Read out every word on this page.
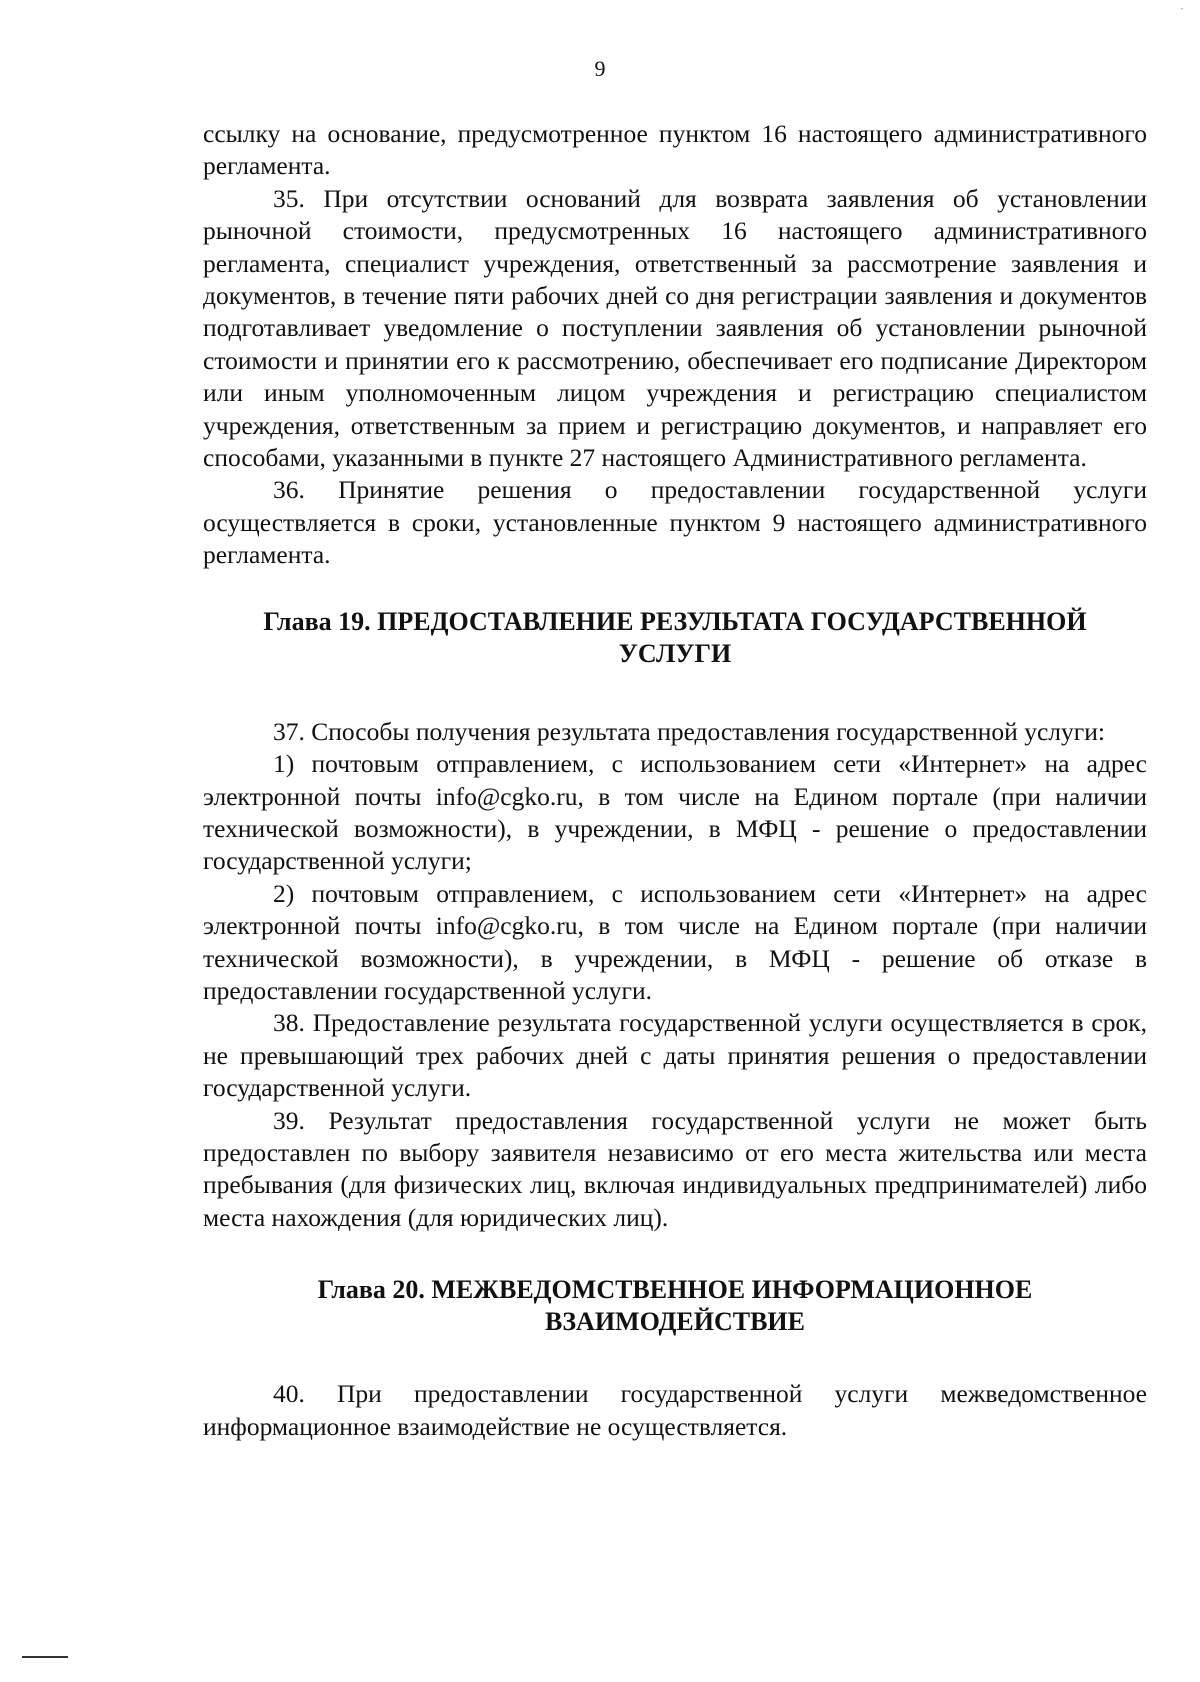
·
9

ссылку на основание, предусмотренное пунктом 16 настоящего административного регламента.

35. При отсутствии оснований для возврата заявления об установлении рыночной стоимости, предусмотренных 16 настоящего административного регламента, специалист учреждения, ответственный за рассмотрение заявления и документов, в течение пяти рабочих дней со дня регистрации заявления и документов подготавливает уведомление о поступлении заявления об установлении рыночной стоимости и принятии его к рассмотрению, обеспечивает его подписание Директором или иным уполномоченным лицом учреждения и регистрацию специалистом учреждения, ответственным за прием и регистрацию документов, и направляет его способами, указанными в пункте 27 настоящего Административного регламента.

36. Принятие решения о предоставлении государственной услуги осуществляется в сроки, установленные пунктом 9 настоящего административного регламента.

Глава 19. ПРЕДОСТАВЛЕНИЕ РЕЗУЛЬТАТА ГОСУДАРСТВЕННОЙ УСЛУГИ

37. Способы получения результата предоставления государственной услуги:

1) почтовым отправлением, с использованием сети «Интернет» на адрес электронной почты info@cgko.ru, в том числе на Едином портале (при наличии технической возможности), в учреждении, в МФЦ - решение о предоставлении государственной услуги;

2) почтовым отправлением, с использованием сети «Интернет» на адрес электронной почты info@cgko.ru, в том числе на Едином портале (при наличии технической возможности), в учреждении, в МФЦ - решение об отказе в предоставлении государственной услуги.

38. Предоставление результата государственной услуги осуществляется в срок, не превышающий трех рабочих дней с даты принятия решения о предоставлении государственной услуги.

39. Результат предоставления государственной услуги не может быть предоставлен по выбору заявителя независимо от его места жительства или места пребывания (для физических лиц, включая индивидуальных предпринимателей) либо места нахождения (для юридических лиц).

Глава 20. МЕЖВЕДОМСТВЕННОЕ ИНФОРМАЦИОННОЕ ВЗАИМОДЕЙСТВИЕ

40. При предоставлении государственной услуги межведомственное информационное взаимодействие не осуществляется.
